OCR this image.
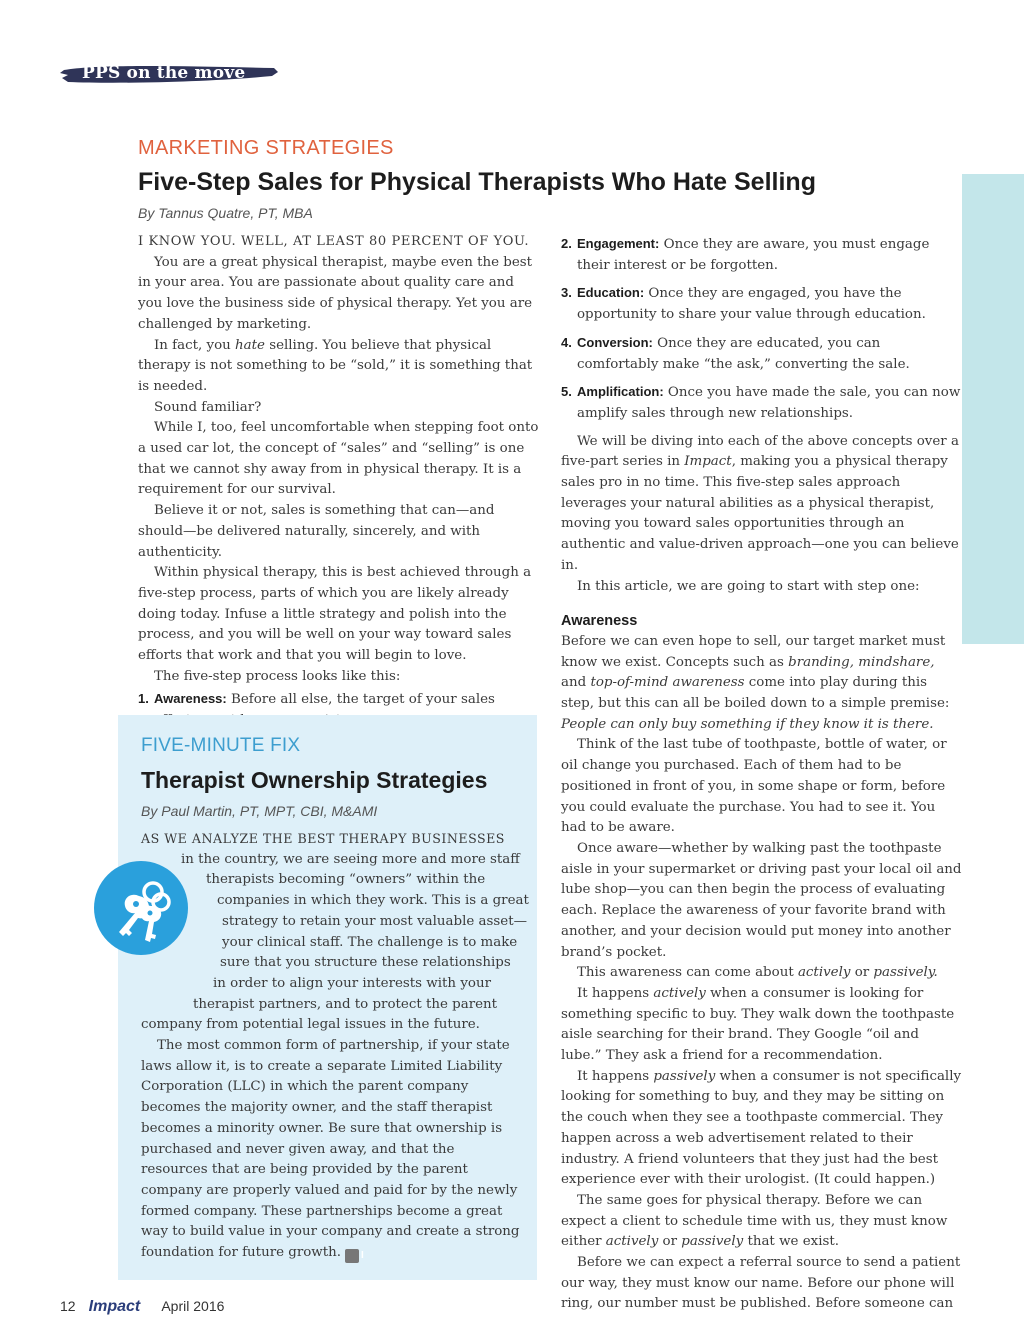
PPS on the move
MARKETING STRATEGIES
Five-Step Sales for Physical Therapists Who Hate Selling
By Tannus Quatre, PT, MBA

I KNOW YOU. WELL, AT LEAST 80 PERCENT OF YOU.

You are a great physical therapist, maybe even the best in your area. You are passionate about quality care and you love the business side of physical therapy. Yet you are challenged by marketing.

In fact, you hate selling. You believe that physical therapy is not something to be “sold,” it is something that is needed.

Sound familiar?

While I, too, feel uncomfortable when stepping foot onto a used car lot, the concept of “sales” and “selling” is one that we cannot shy away from in physical therapy. It is a requirement for our survival.

Believe it or not, sales is something that can—and should—be delivered naturally, sincerely, and with authenticity.

Within physical therapy, this is best achieved through a five-step process, parts of which you are likely already doing today. Infuse a little strategy and polish into the process, and you will be well on your way toward sales efforts that work and that you will begin to love.

The five-step process looks like this:

1. Awareness: Before all else, the target of your sales
2. Engagement: Once they are aware, you must engage their interest or be forgotten.
3. Education: Once they are engaged, you have the opportunity to share your value through education.
4. Conversion: Once they are educated, you can comfortably make “the ask,” converting the sale.
5. Amplification: Once you have made the sale, you can now amplify sales through new relationships.

We will be diving into each of the above concepts over a five-part series in Impact, making you a physical therapy sales pro in no time. This five-step sales approach leverages your natural abilities as a physical therapist, moving you toward sales opportunities through an authentic and value-driven approach—one you can believe in.

In this article, we are going to start with step one:

Awareness

Before we can even hope to sell, our target market must know we exist. Concepts such as branding, mindshare, and top-of-mind awareness come into play during this step, but this can all be boiled down to a simple premise: People can only buy something if they know it is there.

Think of the last tube of toothpaste, bottle of water, or oil change you purchased. Each of them had to be positioned in front of you, in some shape or form, before you could evaluate the purchase. You had to see it. You had to be aware.

Once aware—whether by walking past the toothpaste aisle in your supermarket or driving past your local oil and lube shop—you can then begin the process of evaluating each. Replace the awareness of your favorite brand with another, and your decision would put money into another brand’s pocket.

This awareness can come about actively or passively.

It happens actively when a consumer is looking for something specific to buy. They walk down the toothpaste aisle searching for their brand. They Google “oil and lube.” They ask a friend for a recommendation.

It happens passively when a consumer is not specifically looking for something to buy, and they may be sitting on the couch when they see a toothpaste commercial. They happen across a web advertisement related to their industry. A friend volunteers that they just had the best experience ever with their urologist. (It could happen.)

The same goes for physical therapy. Before we can expect a client to schedule time with us, they must know either actively or passively that we exist.

Before we can expect a referral source to send a patient our way, they must know our name. Before our phone will ring, our number must be published. Before someone can

FIVE-MINUTE FIX
Therapist Ownership Strategies
By Paul Martin, PT, MPT, CBI, M&AMI
AS WE ANALYZE THE BEST THERAPY BUSINESSES
in the country, we are seeing more and more staff
therapists becoming “owners” within the
companies in which they work. This is a great
strategy to retain your most valuable asset—
your clinical staff. The challenge is to make
sure that you structure these relationships
in order to align your interests with your
therapist partners, and to protect the parent
company from potential legal issues in the future.

The most common form of partnership, if your state laws allow it, is to create a separate Limited Liability Corporation (LLC) in which the parent company becomes the majority owner, and the staff therapist becomes a minority owner. Be sure that ownership is purchased and never given away, and that the resources that are being provided by the parent company are properly valued and paid for by the newly formed company. These partnerships become a great way to build value in your company and create a strong foundation for future growth. I

12 Impact April 2016
